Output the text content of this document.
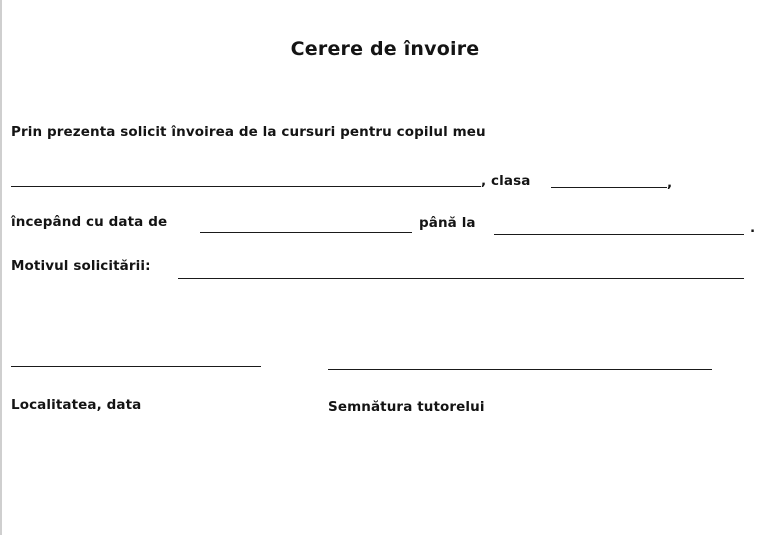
Cerere de învoire
Prin prezenta solicit învoirea de la cursuri pentru copilul meu
, clasa	,
începând cu data de	până la	.
Motivul solicitării:
Localitatea, data	Semnătura tutorelui
